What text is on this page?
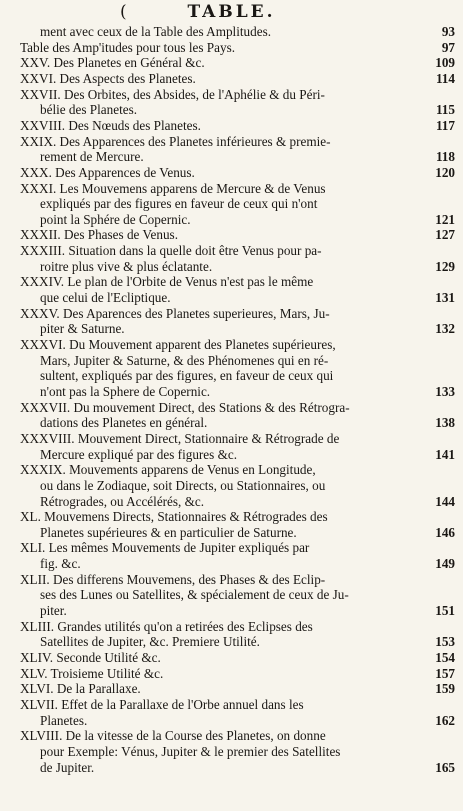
(	TABLE.
ment avec ceux de la Table des Amplitudes.	93
Table des Amp'itudes pour tous les Pays.	97
XXV. Des Planetes en Général &c.	109
XXVI. Des Aspects des Planetes.	114
XXVII. Des Orbites, des Absides, de l'Aphélie & du Péri-
bélie des Planetes.	115
XXVIII. Des Nœuds des Planetes.	117
XXIX. Des Apparences des Planetes inférieures & premie-
rement de Mercure.	118
XXX. Des Apparences de Venus.	120
XXXI. Les Mouvemens apparens de Mercure & de Venus
expliqués par des figures en faveur de ceux qui n'ont
point la Sphére de Copernic.	121
XXXII. Des Phases de Venus.	127
XXXIII. Situation dans la quelle doit être Venus pour pa-
roitre plus vive & plus éclatante.	129
XXXIV. Le plan de l'Orbite de Venus n'est pas le même
que celui de l'Ecliptique.	131
XXXV. Des Aparences des Planetes superieures, Mars, Ju-
piter & Saturne.	132
XXXVI. Du Mouvement apparent des Planetes supérieures,
Mars, Jupiter & Saturne, & des Phénomenes qui en ré-
sultent, expliqués par des figures, en faveur de ceux qui
n'ont pas la Sphere de Copernic.	133
XXXVII. Du mouvement Direct, des Stations & des Rétrogra-
dations des Planetes en général.	138
XXXVIII. Mouvement Direct, Stationnaire & Rétrograde de
Mercure expliqué par des figures &c.	141
XXXIX. Mouvements apparens de Venus en Longitude,
ou dans le Zodiaque, soit Directs, ou Stationnaires, ou
Rétrogrades, ou Accélérés, &c.	144
XL. Mouvemens Directs, Stationnaires & Rétrogrades des
Planetes supérieures & en particulier de Saturne.	146
XLI. Les mêmes Mouvements de Jupiter expliqués par
fig. &c.	149
XLII. Des differens Mouvemens, des Phases & des Eclip-
ses des Lunes ou Satellites, & spécialement de ceux de Ju-
piter.	151
XLIII. Grandes utilités qu'on a retirées des Eclipses des
Satellites de Jupiter, &c. Premiere Utilité.	153
XLIV. Seconde Utilité &c.	154
XLV. Troisieme Utilité &c.	157
XLVI. De la Parallaxe.	159
XLVII. Effet de la Parallaxe de l'Orbe annuel dans les
Planetes.	162
XLVIII. De la vitesse de la Course des Planetes, on donne
pour Exemple: Vénus, Jupiter & le premier des Satellites
de Jupiter.	165
